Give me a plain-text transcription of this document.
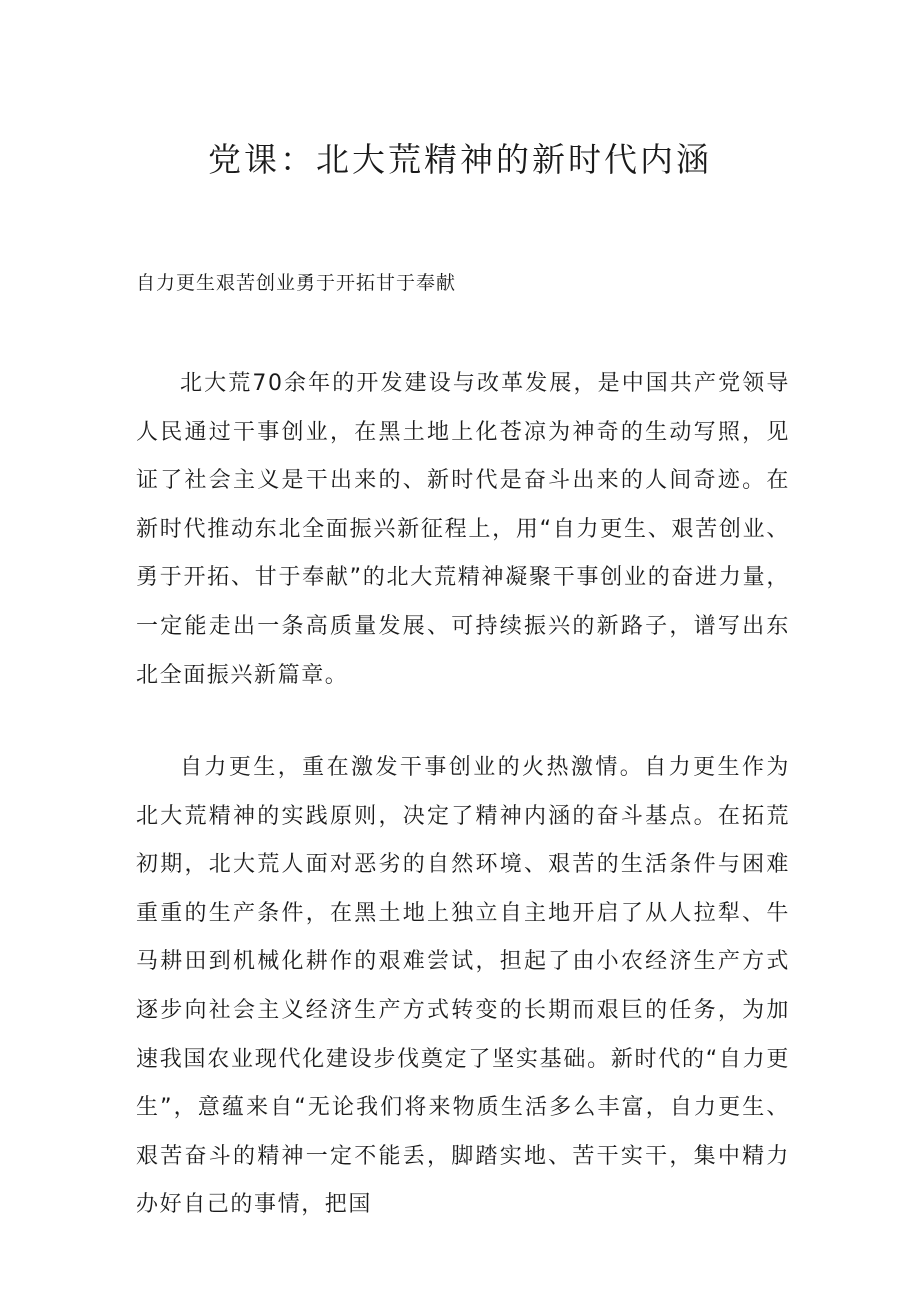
党课：北大荒精神的新时代内涵

自力更生艰苦创业勇于开拓甘于奉献

北大荒70余年的开发建设与改革发展，是中国共产党领导人民通过干事创业，在黑土地上化苍凉为神奇的生动写照，见证了社会主义是干出来的、新时代是奋斗出来的人间奇迹。在新时代推动东北全面振兴新征程上，用“自力更生、艰苦创业、勇于开拓、甘于奉献”的北大荒精神凝聚干事创业的奋进力量，一定能走出一条高质量发展、可持续振兴的新路子，谱写出东北全面振兴新篇章。

自力更生，重在激发干事创业的火热激情。自力更生作为北大荒精神的实践原则，决定了精神内涵的奋斗基点。在拓荒初期，北大荒人面对恶劣的自然环境、艰苦的生活条件与困难重重的生产条件，在黑土地上独立自主地开启了从人拉犁、牛马耕田到机械化耕作的艰难尝试，担起了由小农经济生产方式逐步向社会主义经济生产方式转变的长期而艰巨的任务，为加速我国农业现代化建设步伐奠定了坚实基础。新时代的“自力更生”，意蕴来自“无论我们将来物质生活多么丰富，自力更生、艰苦奋斗的精神一定不能丢，脚踏实地、苦干实干，集中精力办好自己的事情，把国
